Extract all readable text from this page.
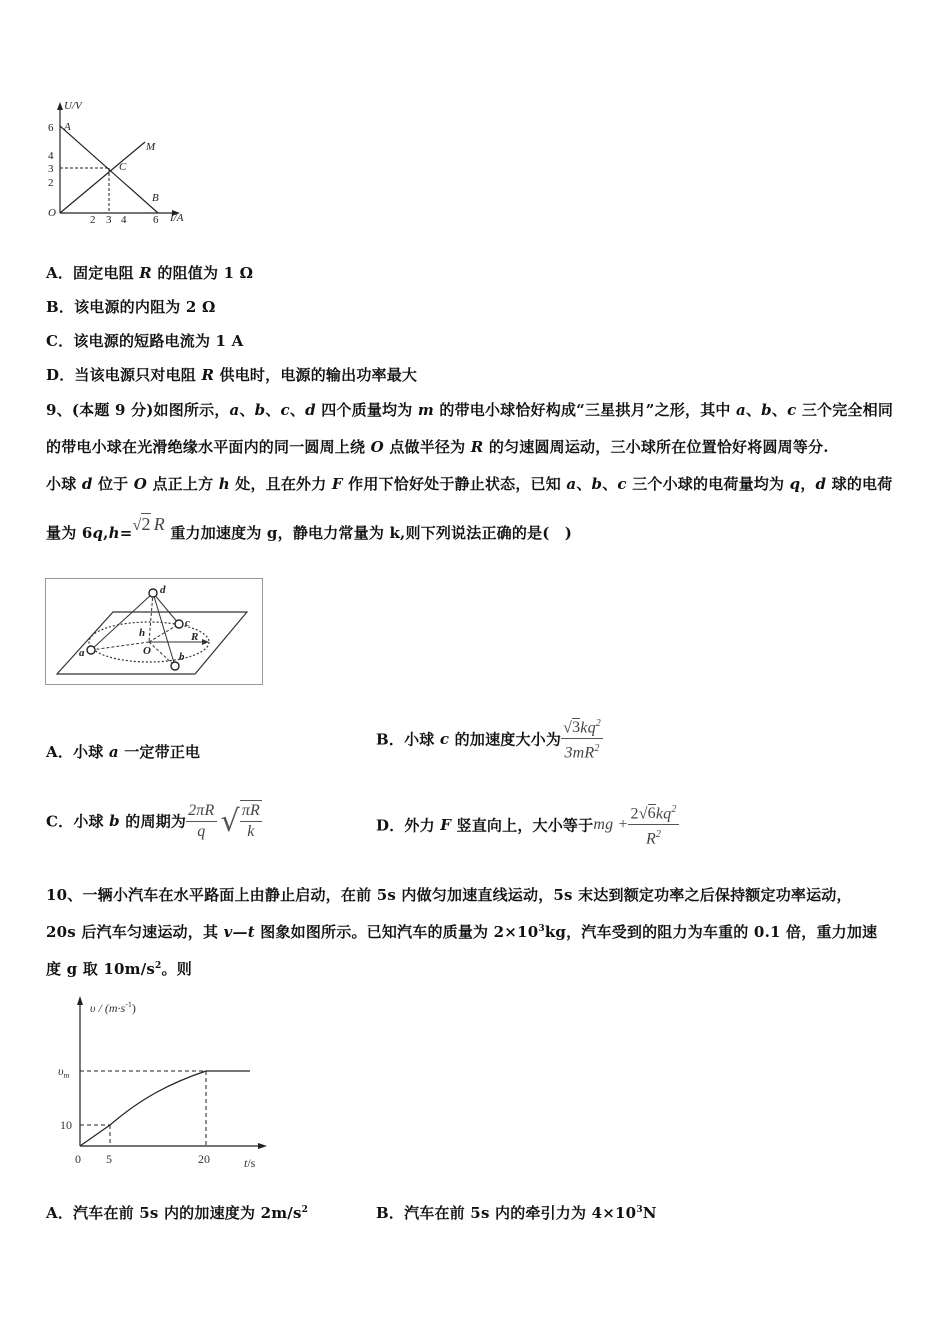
U/V
I/A
O
A
B
C
M
6
4
3
2
2 3 4 6
A．固定电阻 R 的阻值为 1 Ω
B．该电源的内阻为 2 Ω
C．该电源的短路电流为 1 A
D．当该电源只对电阻 R 供电时，电源的输出功率最大
9、(本题 9 分)如图所示，a、b、c、d 四个质量均为 m 的带电小球恰好构成“三星拱月”之形，其中 a、b、c 三个完全相同
的带电小球在光滑绝缘水平面内的同一圆周上绕 O 点做半径为 R 的匀速圆周运动，三小球所在位置恰好将圆周等分.
小球 d 位于 O 点正上方 h 处，且在外力 F 作用下恰好处于静止状态，已知 a、b、c 三个小球的电荷量均为 q，d 球的电荷
量为 6q,h=√2 R 重力加速度为 g，静电力常量为 k,则下列说法正确的是(　)
d
c
h	R
a	O	b
A．小球 a 一定带正电
B．小球 c 的加速度大小为 $\frac{√3kq^2}{3mR^2}$
C．小球 b 的周期为 $\frac{2\pi R}{q}$ √ $\frac{\pi R}{k}$	D．外力 F 竖直向上，大小等于mg + $\frac{2√6kq^2}{R^2}$
10、一辆小汽车在水平路面上由静止启动，在前 5s 内做匀加速直线运动，5s 末达到额定功率之后保持额定功率运动，
20s 后汽车匀速运动，其 v—t 图象如图所示。已知汽车的质量为 $2\times 10^3kg$，汽车受到的阻力为车重的 0.1 倍，重力加速
度 g 取 $10m/s^2$。则
$\upsilon / (m\cdot s^{-1})$
$\upsilon_m$
10
0 5	20	t/s
A．汽车在前 5s 内的加速度为 $2m/s^2$	B．汽车在前 5s 内的牵引力为 $4\times 10^3N$
